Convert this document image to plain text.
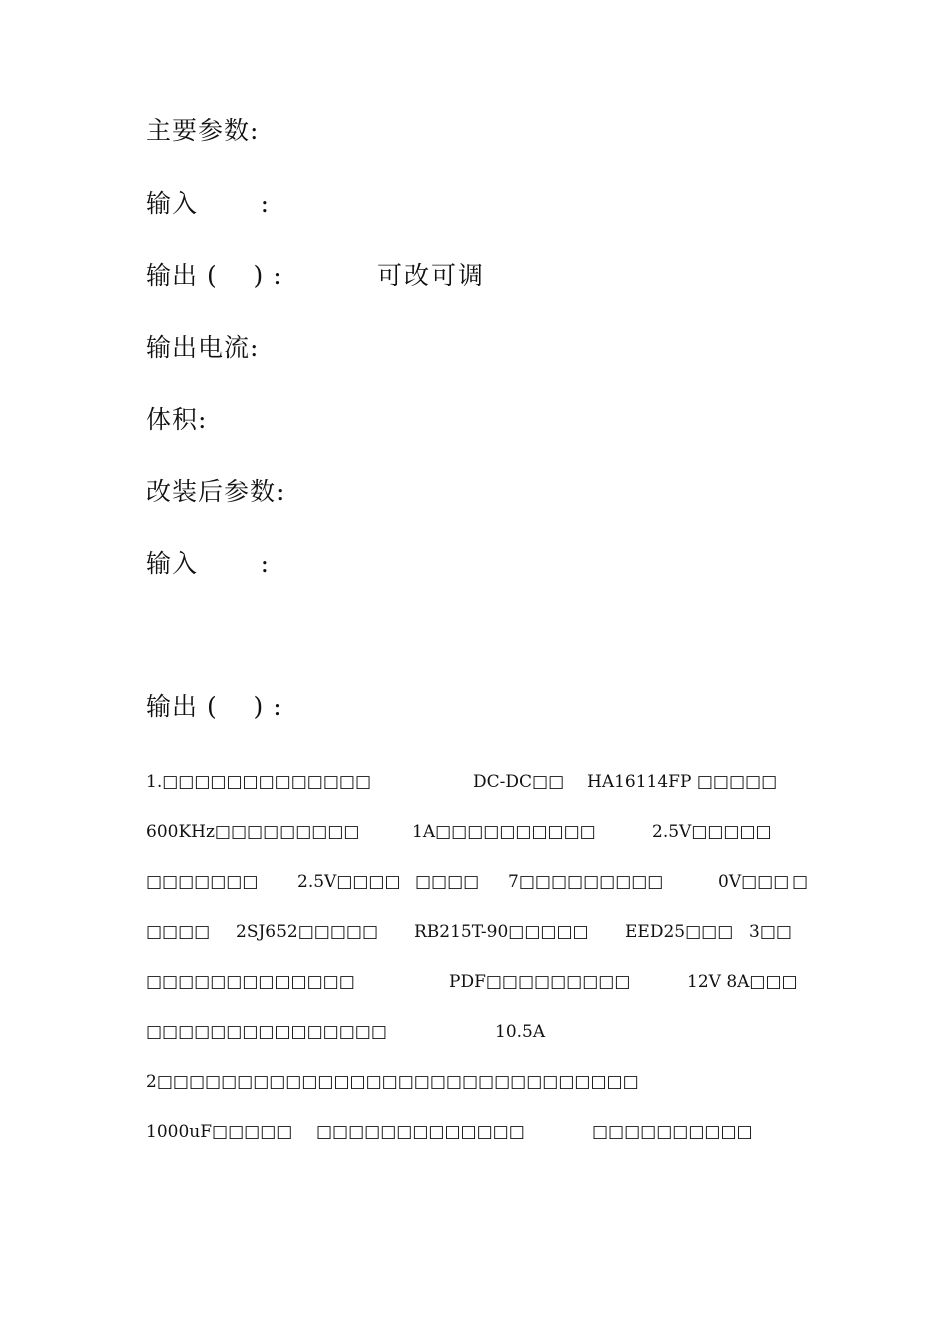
主要参数:
输入       :
输出 (    ) :	可改可调
输出电流:
体积:
改装后参数:
输入       :
输出 (    ) :
1.□□□□□□□□□□□□□	DC-DC□□ HA16114FP □□□□□
600KHz□□□□□□□□□	1A□□□□□□□□□□	2.5V□□□□□
□□□□□□□ 2.5V□□□□ □□□□ 7□□□□□□□□□	0V□□□ □
□□□□ 2SJ652□□□□□ RB215T-90□□□□□ EED25□□□ 3□□
□□□□□□□□□□□□□	PDF□□□□□□□□□	12V 8A□□□
□□□□□□□□□□□□□□□	10.5A
2□□□□□□□□□□□□□□□□□□□□□□□□□□□□□□
1000uF□□□□□ □□□□□□□□□□□□□	□□□□□□□□□□
